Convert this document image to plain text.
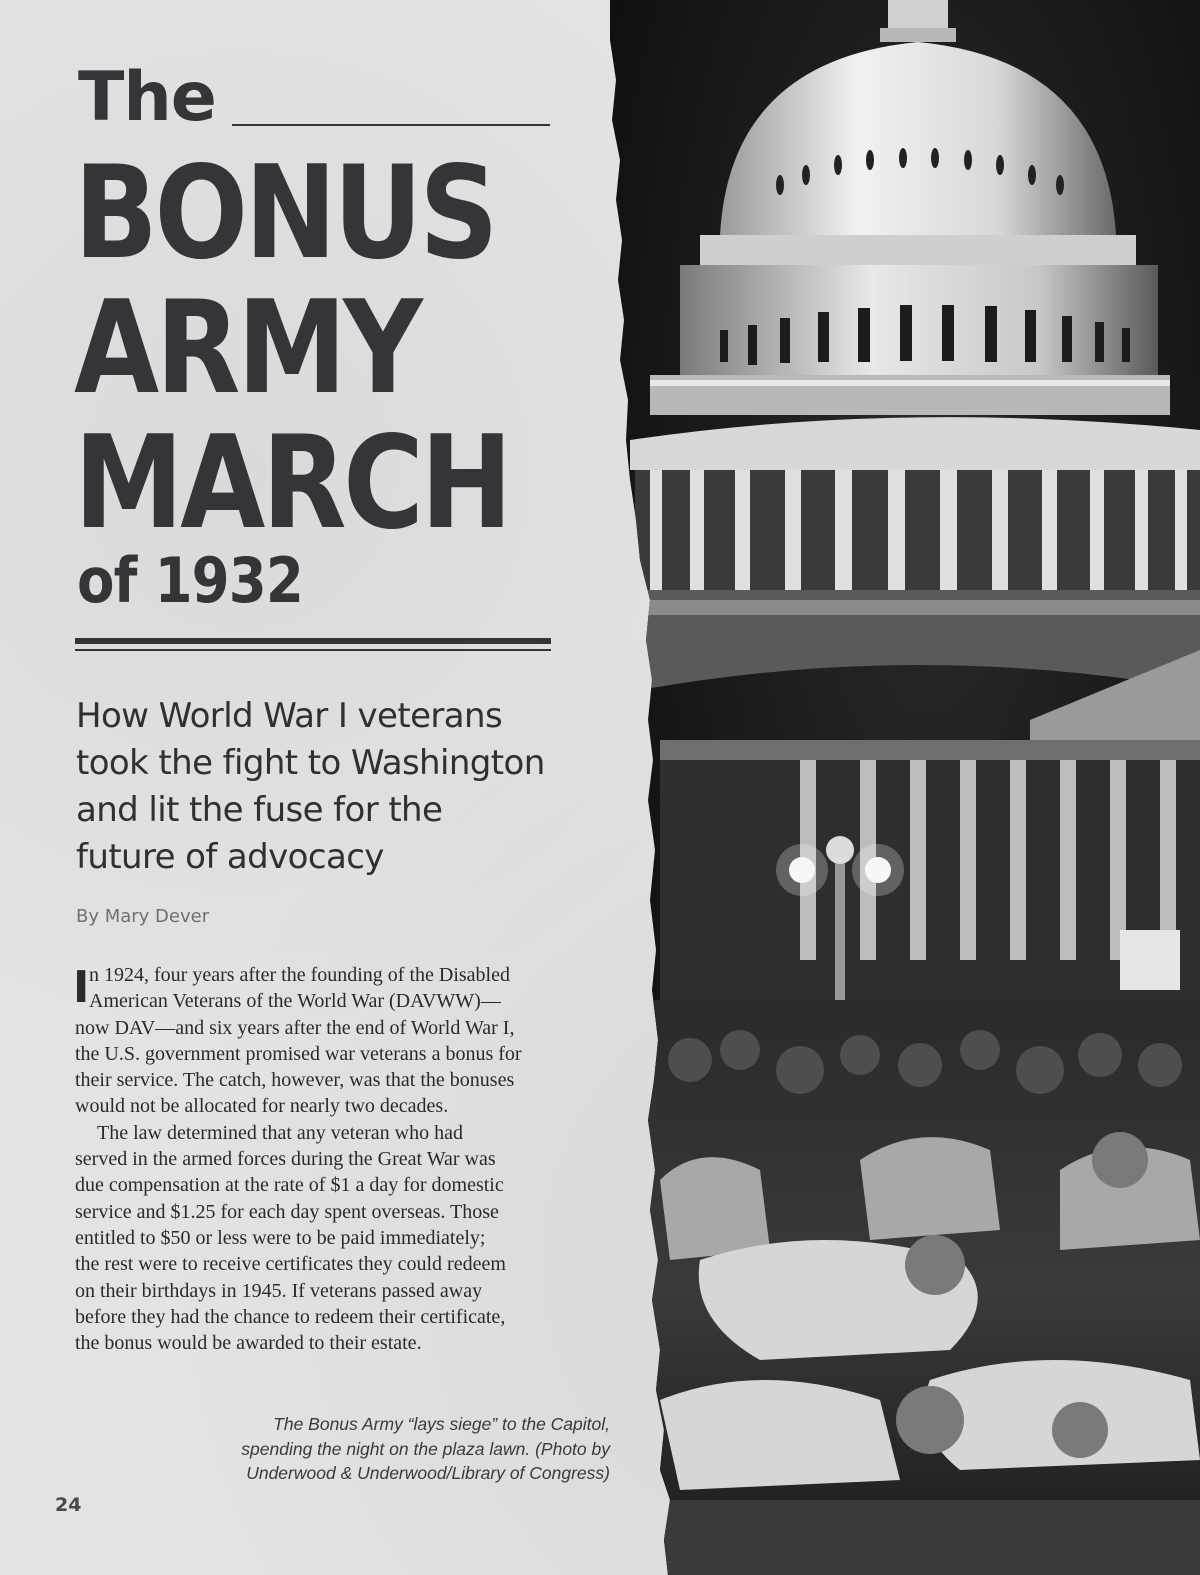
The
BONUS
ARMY
MARCH
of 1932
How World War I veterans
took the fight to Washington
and lit the fuse for the
future of advocacy
By Mary Dever
I n 1924, four years after the founding of the Disabled
American Veterans of the World War (DAVWW)—
now DAV—and six years after the end of World War I,
the U.S. government promised war veterans a bonus for
their service. The catch, however, was that the bonuses
would not be allocated for nearly two decades.
The law determined that any veteran who had
served in the armed forces during the Great War was
due compensation at the rate of $1 a day for domestic
service and $1.25 for each day spent overseas. Those
entitled to $50 or less were to be paid immediately;
the rest were to receive certificates they could redeem
on their birthdays in 1945. If veterans passed away
before they had the chance to redeem their certificate,
the bonus would be awarded to their estate.
The Bonus Army “lays siege” to the Capitol,
spending the night on the plaza lawn. (Photo by
Underwood & Underwood/Library of Congress)
24
